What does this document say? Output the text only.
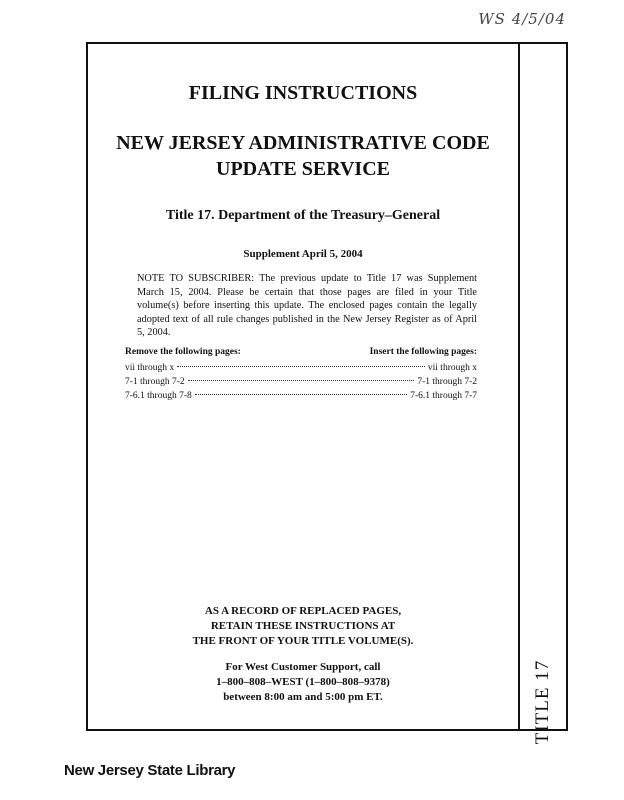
WS 4/5/04
TITLE 17
FILING INSTRUCTIONS
NEW JERSEY ADMINISTRATIVE CODE
UPDATE SERVICE
Title 17. Department of the Treasury–General
Supplement April 5, 2004
NOTE TO SUBSCRIBER: The previous update to Title 17 was Supplement March 15, 2004. Please be certain that those pages are filed in your Title volume(s) before inserting this update. The enclosed pages contain the legally adopted text of all rule changes published in the New Jersey Register as of April 5, 2004.
Remove the following pages:	Insert the following pages:
vii through x	vii through x
7-1 through 7-2	7-1 through 7-2
7-6.1 through 7-8	7-6.1 through 7-7
AS A RECORD OF REPLACED PAGES,
RETAIN THESE INSTRUCTIONS AT
THE FRONT OF YOUR TITLE VOLUME(S).
For West Customer Support, call
1–800–808–WEST (1–800–808–9378)
between 8:00 am and 5:00 pm ET.
New Jersey State Library
